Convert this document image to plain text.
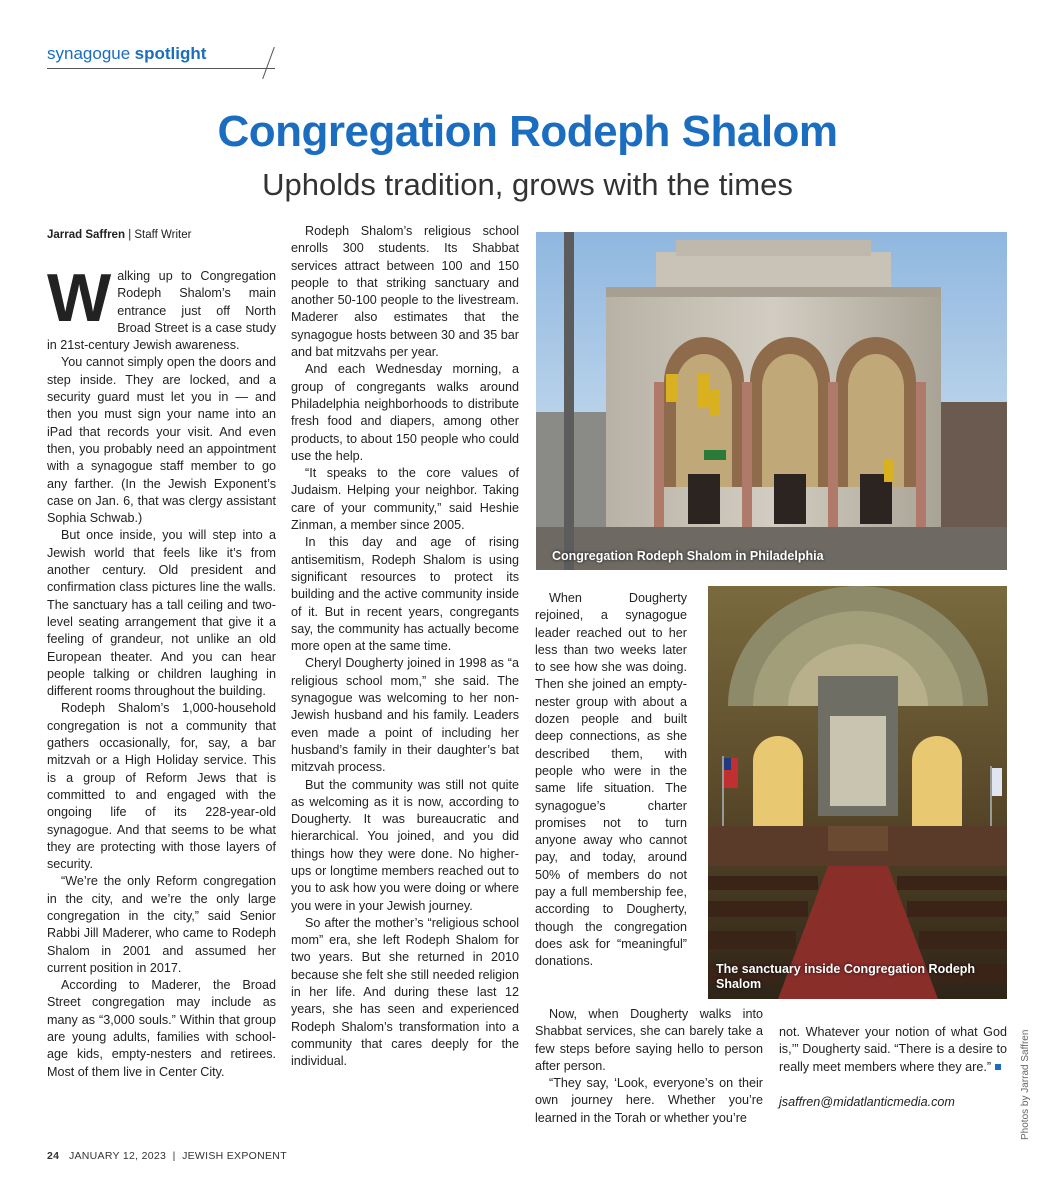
synagogue spotlight
Congregation Rodeph Shalom
Upholds tradition, grows with the times
Jarrad Saffren | Staff Writer

Walking up to Congregation Rodeph Shalom’s main entrance just off North Broad Street is a case study in 21st-century Jewish awareness.

You cannot simply open the doors and step inside. They are locked, and a security guard must let you in — and then you must sign your name into an iPad that records your visit. And even then, you probably need an appointment with a synagogue staff member to go any farther. (In the Jewish Exponent’s case on Jan. 6, that was clergy assistant Sophia Schwab.)

But once inside, you will step into a Jewish world that feels like it’s from another century. Old president and confirmation class pictures line the walls. The sanctuary has a tall ceiling and two-level seating arrangement that give it a feeling of grandeur, not unlike an old European theater. And you can hear people talking or children laughing in different rooms throughout the building.

Rodeph Shalom’s 1,000-household congregation is not a community that gathers occasionally, for, say, a bar mitzvah or a High Holiday service. This is a group of Reform Jews that is committed to and engaged with the ongoing life of its 228-year-old synagogue. And that seems to be what they are protecting with those layers of security.

“We’re the only Reform congregation in the city, and we’re the only large congregation in the city,” said Senior Rabbi Jill Maderer, who came to Rodeph Shalom in 2001 and assumed her current position in 2017.

According to Maderer, the Broad Street congregation may include as many as “3,000 souls.” Within that group are young adults, families with school-age kids, empty-nesters and retirees. Most of them live in Center City.

Rodeph Shalom’s religious school enrolls 300 students. Its Shabbat services attract between 100 and 150 people to that striking sanctuary and another 50-100 people to the livestream. Maderer also estimates that the synagogue hosts between 30 and 35 bar and bat mitzvahs per year.

And each Wednesday morning, a group of congregants walks around Philadelphia neighborhoods to distribute fresh food and diapers, among other products, to about 150 people who could use the help.

“It speaks to the core values of Judaism. Helping your neighbor. Taking care of your community,” said Heshie Zinman, a member since 2005.

In this day and age of rising antisemitism, Rodeph Shalom is using significant resources to protect its building and the active community inside of it. But in recent years, congregants say, the community has actually become more open at the same time.

Cheryl Dougherty joined in 1998 as “a religious school mom,” she said. The synagogue was welcoming to her non-Jewish husband and his family. Leaders even made a point of including her husband’s family in their daughter’s bat mitzvah process.

But the community was still not quite as welcoming as it is now, according to Dougherty. It was bureaucratic and hierarchical. You joined, and you did things how they were done. No higher-ups or longtime members reached out to you to ask how you were doing or where you were in your Jewish journey.

So after the mother’s “religious school mom” era, she left Rodeph Shalom for two years. But she returned in 2010 because she felt she still needed religion in her life. And during these last 12 years, she has seen and experienced Rodeph Shalom’s transformation into a community that cares deeply for the individual.

Congregation Rodeph Shalom in Philadelphia

When Dougherty rejoined, a synagogue leader reached out to her less than two weeks later to see how she was doing. Then she joined an empty-nester group with about a dozen people and built deep connections, as she described them, with people who were in the same life situation. The synagogue’s charter promises not to turn anyone away who cannot pay, and today, around 50% of members do not pay a full membership fee, according to Dougherty, though the congregation does ask for “meaningful” donations.

Now, when Dougherty walks into Shabbat services, she can barely take a few steps before saying hello to person after person.

“They say, ‘Look, everyone’s on their own journey here. Whether you’re learned in the Torah or whether you’re

The sanctuary inside Congregation Rodeph Shalom

not. Whatever your notion of what God is,’” Dougherty said. “There is a desire to really meet members where they are.”

jsaffren@midatlanticmedia.com	Photos by Jarrad Saffren
24 JANUARY 12, 2023 | JEWISH EXPONENT
